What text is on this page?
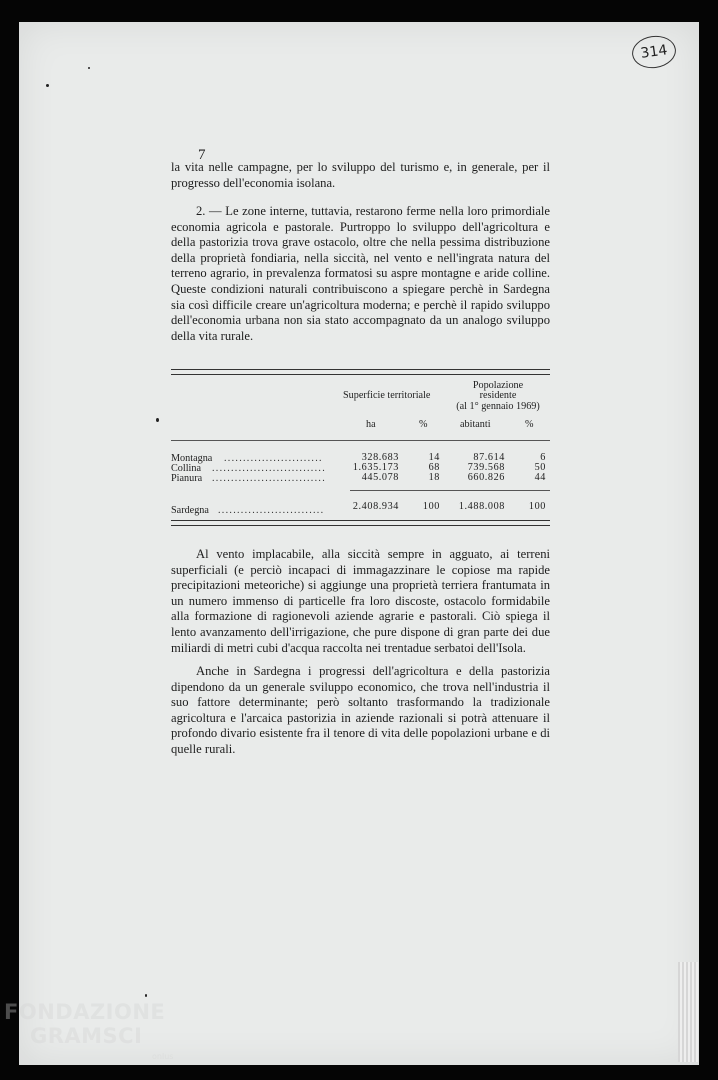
314
7

la vita nelle campagne, per lo sviluppo del turismo e, in generale, per il progresso dell'economia isolana.

2. — Le zone interne, tuttavia, restarono ferme nella loro primordiale economia agricola e pastorale. Purtroppo lo sviluppo dell'agricoltura e della pastorizia trova grave ostacolo, oltre che nella pessima distribuzione della proprietà fondiaria, nella siccità, nel vento e nell'ingrata natura del terreno agrario, in prevalenza formatosi su aspre montagne e aride colline. Queste condizioni naturali contribuiscono a spiegare perchè in Sardegna sia così difficile creare un'agricoltura moderna; e perchè il rapido sviluppo dell'economia urbana non sia stato accompagnato da un analogo sviluppo della vita rurale.

Superficie territoriale
Popolazione
residente
(al 1° gennaio 1969)
ha	%	abitanti	%
Montagna ..........................	328.683	14	87.614	6
Collina ..............................	1.635.173	68	739.568	50
Pianura ..............................	445.078	18	660.826	44
Sardegna ............................	2.408.934	100	1.488.008	100

Al vento implacabile, alla siccità sempre in agguato, ai terreni superficiali (e perciò incapaci di immagazzinare le copiose ma rapide precipitazioni meteoriche) si aggiunge una proprietà terriera frantumata in un numero immenso di particelle fra loro discoste, ostacolo formidabile alla formazione di ragionevoli aziende agrarie e pastorali. Ciò spiega il lento avanzamento dell'irrigazione, che pure dispone di gran parte dei due miliardi di metri cubi d'acqua raccolta nei trentadue serbatoi dell'Isola.

Anche in Sardegna i progressi dell'agricoltura e della pastorizia dipendono da un generale sviluppo economico, che trova nell'industria il suo fattore determinante; però soltanto trasformando la tradizionale agricoltura e l'arcaica pastorizia in aziende razionali si potrà attenuare il profondo divario esistente fra il tenore di vita delle popolazioni urbane e di quelle rurali.

FONDAZIONE
GRAMSCI
onlus
